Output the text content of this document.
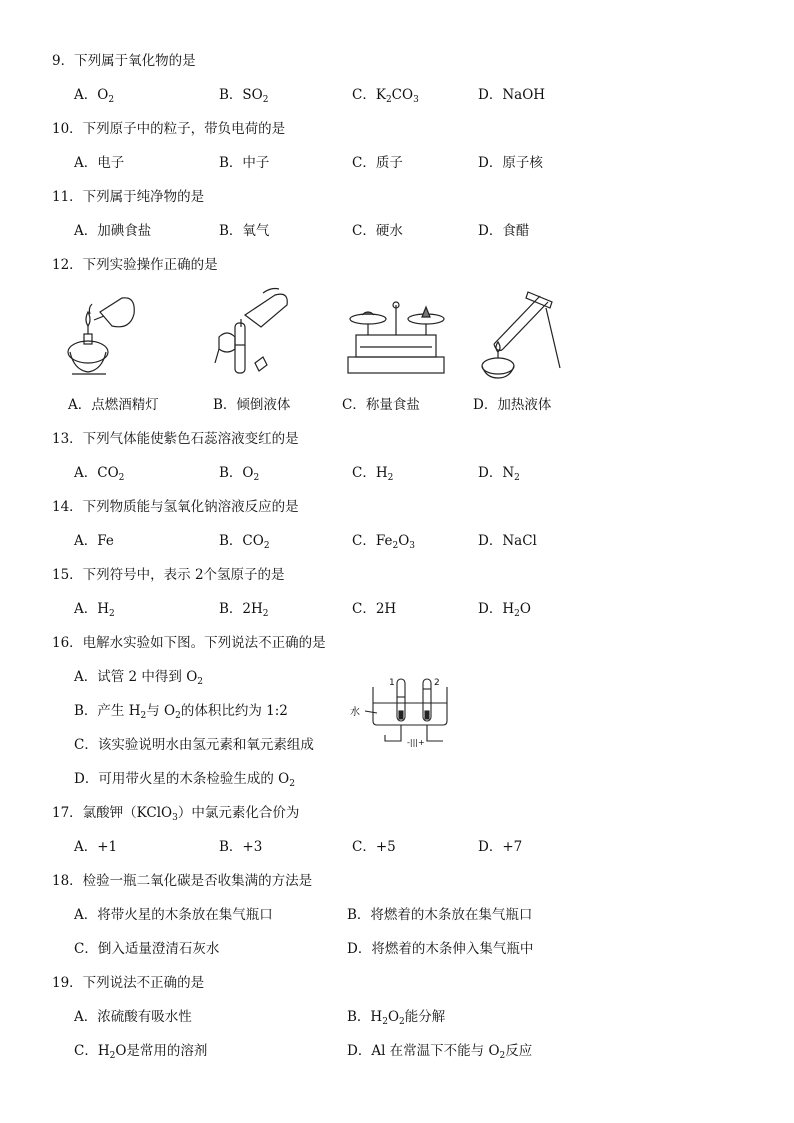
9．下列属于氧化物的是
A．$O_2$	B．$SO_2$	C．$K_2CO_3$	D．NaOH
10．下列原子中的粒子，带负电荷的是
A．电子	B．中子	C．质子	D．原子核
11．下列属于纯净物的是
A．加碘食盐	B．氧气	C．硬水	D．食醋
12．下列实验操作正确的是
A．点燃酒精灯	B．倾倒液体	C．称量食盐	D．加热液体
13．下列气体能使紫色石蕊溶液变红的是
A．$CO_2$	B．$O_2$	C．$H_2$	D．$N_2$
14．下列物质能与氢氧化钠溶液反应的是
A．Fe	B．$CO_2$	C．$Fe_2O_3$	D．NaCl
15．下列符号中，表示 2个氢原子的是
A．$H_2$	B．$2H_2$	C．2H	D．$H_2O$
16．电解水实验如下图。下列说法不正确的是
A．试管 2 中得到 $O_2$
B．产生 $H_2$与 $O_2$的体积比约为 1:2
C．该实验说明水由氢元素和氧元素组成
D．可用带火星的木条检验生成的 $O_2$
水
1	2
-|||+
17．氯酸钾（KClO$_3$）中氯元素化合价为
A．+1	B．+3	C．+5	D．+7
18．检验一瓶二氧化碳是否收集满的方法是
A．将带火星的木条放在集气瓶口	B．将燃着的木条放在集气瓶口
C．倒入适量澄清石灰水	D．将燃着的木条伸入集气瓶中
19．下列说法不正确的是
A．浓硫酸有吸水性	B．$H_2O_2$能分解
C．$H_2O$是常用的溶剂	D．Al 在常温下不能与 $O_2$反应
